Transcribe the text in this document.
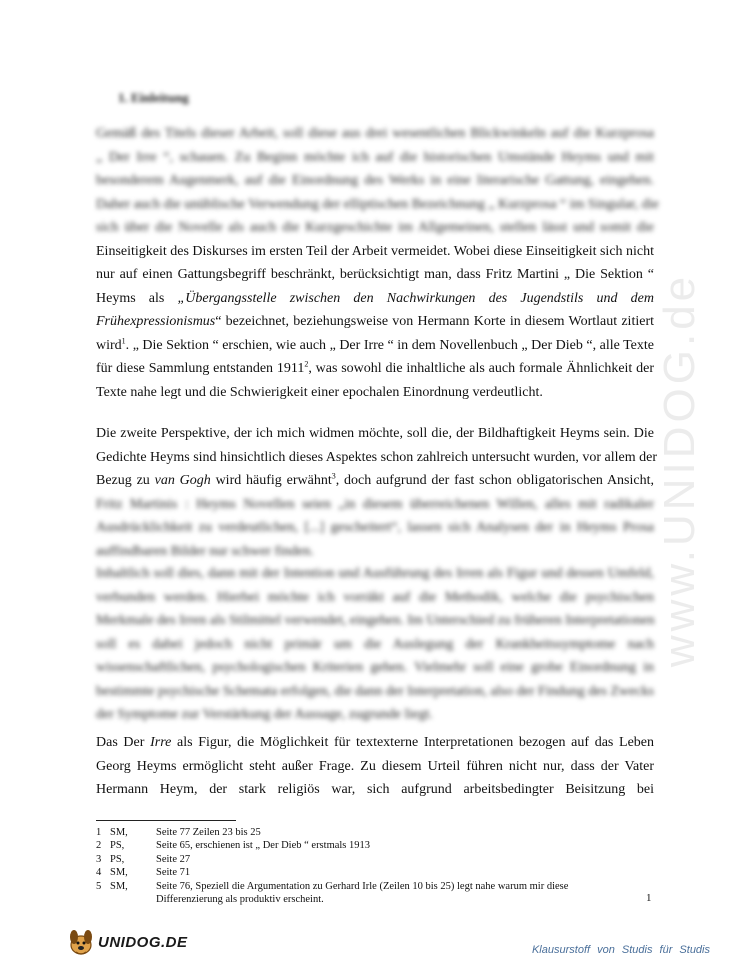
www.UNIDOG.de
1. Einleitung
Gemäß des Titels dieser Arbeit, soll diese aus drei wesentlichen Blickwinkeln auf die Kurzprosa
„ Der Irre “, schauen. Zu Beginn möchte ich auf die historischen Umstände Heyms und mit
besonderem Augenmerk, auf die Einordnung des Werks in eine literarische Gattung, eingehen.
Daher auch die unüblische Verwendung der elliptischen Bezeichnung „ Kurzprosa “ im Singular, die
sich über die Novelle als auch die Kurzgeschichte im Allgemeinen, stellen lässt und somit die
Einseitigkeit des Diskurses im ersten Teil der Arbeit vermeidet. Wobei diese Einseitigkeit sich nicht
nur auf einen Gattungsbegriff beschränkt, berücksichtigt man, dass Fritz Martini „ Die Sektion “
Heyms als „Übergangsstelle zwischen den Nachwirkungen des Jugendstils und dem
Frühexpressionismus“ bezeichnet, beziehungsweise von Hermann Korte in diesem Wortlaut zitiert
wird$^1$. „ Die Sektion “ erschien, wie auch „ Der Irre “ in dem Novellenbuch „ Der Dieb “, alle Texte
für diese Sammlung entstanden 1911$^2$, was sowohl die inhaltliche als auch formale Ähnlichkeit der
Texte nahe legt und die Schwierigkeit einer epochalen Einordnung verdeutlicht.
Die zweite Perspektive, der ich mich widmen möchte, soll die, der Bildhaftigkeit Heyms sein. Die
Gedichte Heyms sind hinsichtlich dieses Aspektes schon zahlreich untersucht wurden, vor allem der
Bezug zu van Gogh wird häufig erwähnt$^3$, doch aufgrund der fast schon obligatorischen Ansicht,
Fritz Martinis : Heyms Novellen seien „in diesem überreichenen Willen, alles mit radikaler
Ausdrücklichkeit zu verdeutlichen, [...] gescheitert“, lassen sich Analysen der in Heyms Prosa
auffindbaren Bilder nur schwer finden.
Inhaltlich soll dies, dann mit der Intention und Ausführung des Irren als Figur und dessen Umfeld,
verbunden werden. Hierbei möchte ich vorräkt auf die Methodik, welche die psychischen
Merkmale des Irren als Stilmittel verwendet, eingehen. Im Unterschied zu früheren Interpretationen
soll es dabei jedoch nicht primär um die Auslegung der Krankheitssymptome nach
wissenschaftlichen, psychologischen Kriterien gehen. Vielmehr soll eine grobe Einordnung in
bestimmte psychische Schemata erfolgen, die dann der Interpretation, also der Findung des Zwecks
der Symptome zur Verstärkung der Aussage, zugrunde liegt.
Das Der Irre als Figur, die Möglichkeit für textexterne Interpretationen bezogen auf das Leben
Georg Heyms ermöglicht steht außer Frage. Zu diesem Urteil führen nicht nur, dass der Vater
Hermann Heym, der stark religiös war, sich aufgrund arbeitsbedingter Beisitzung bei
1 SM,	Seite 77 Zeilen 23 bis 25
2 PS,	Seite 65, erschienen ist „ Der Dieb “ erstmals 1913
3 PS,	Seite 27
4 SM,	Seite 71
5 SM,	Seite 76, Speziell die Argumentation zu Gerhard Irle (Zeilen 10 bis 25) legt nahe warum mir diese
Differenzierung als produktiv erscheint.	1
UNIDOG.DE	Klausurstoff von Studis für Studis
